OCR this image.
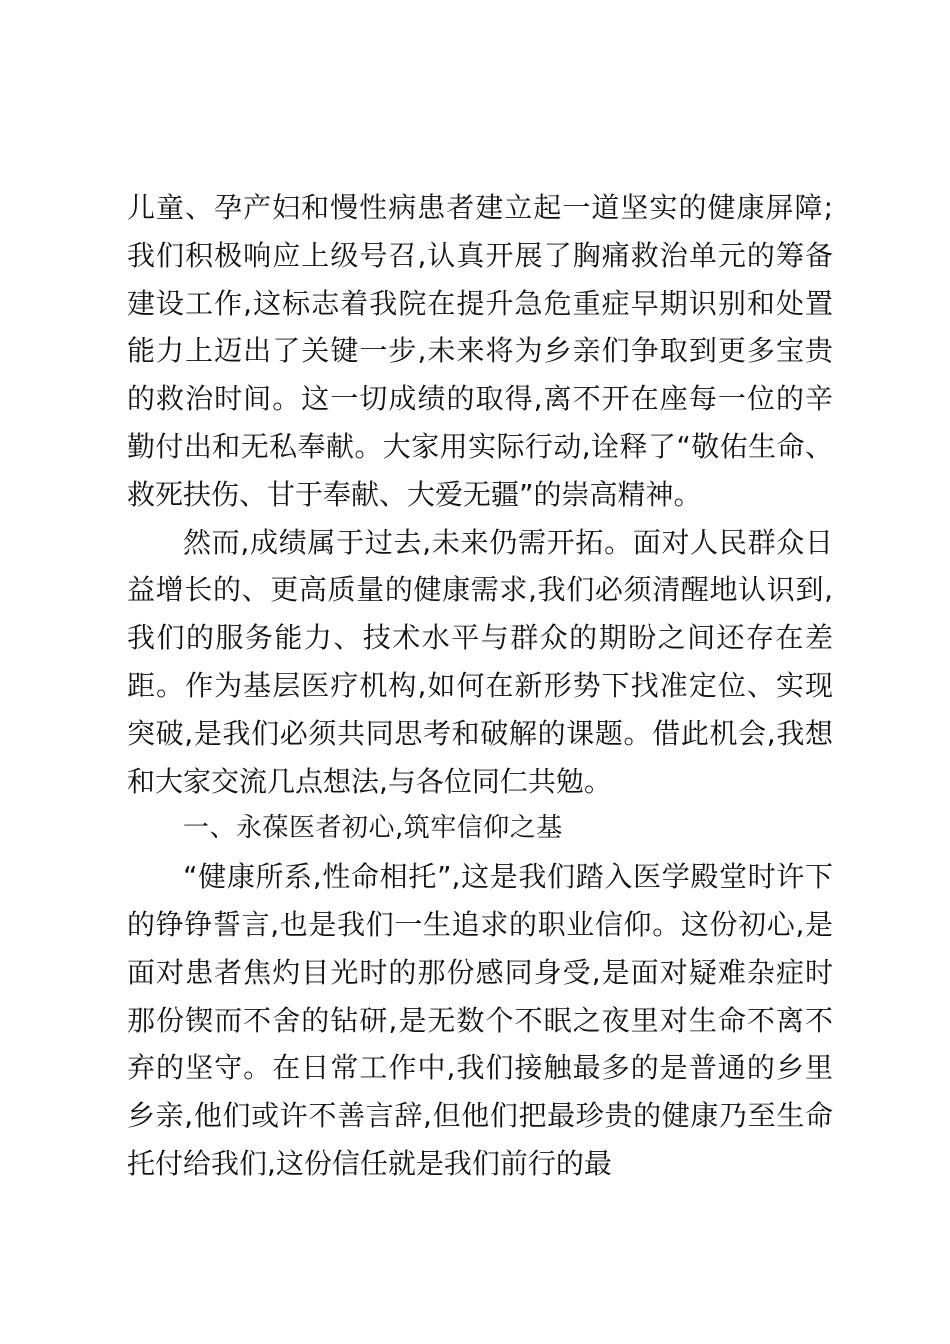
儿童、孕产妇和慢性病患者建立起一道坚实的健康屏障;我们积极响应上级号召,认真开展了胸痛救治单元的筹备建设工作,这标志着我院在提升急危重症早期识别和处置能力上迈出了关键一步,未来将为乡亲们争取到更多宝贵的救治时间。这一切成绩的取得,离不开在座每一位的辛勤付出和无私奉献。大家用实际行动,诠释了“敬佑生命、救死扶伤、甘于奉献、大爱无疆”的崇高精神。

然而,成绩属于过去,未来仍需开拓。面对人民群众日益增长的、更高质量的健康需求,我们必须清醒地认识到,我们的服务能力、技术水平与群众的期盼之间还存在差距。作为基层医疗机构,如何在新形势下找准定位、实现突破,是我们必须共同思考和破解的课题。借此机会,我想和大家交流几点想法,与各位同仁共勉。

一、永葆医者初心,筑牢信仰之基

“健康所系,性命相托”,这是我们踏入医学殿堂时许下的铮铮誓言,也是我们一生追求的职业信仰。这份初心,是面对患者焦灼目光时的那份感同身受,是面对疑难杂症时那份锲而不舍的钻研,是无数个不眠之夜里对生命不离不弃的坚守。在日常工作中,我们接触最多的是普通的乡里乡亲,他们或许不善言辞,但他们把最珍贵的健康乃至生命托付给我们,这份信任就是我们前行的最
